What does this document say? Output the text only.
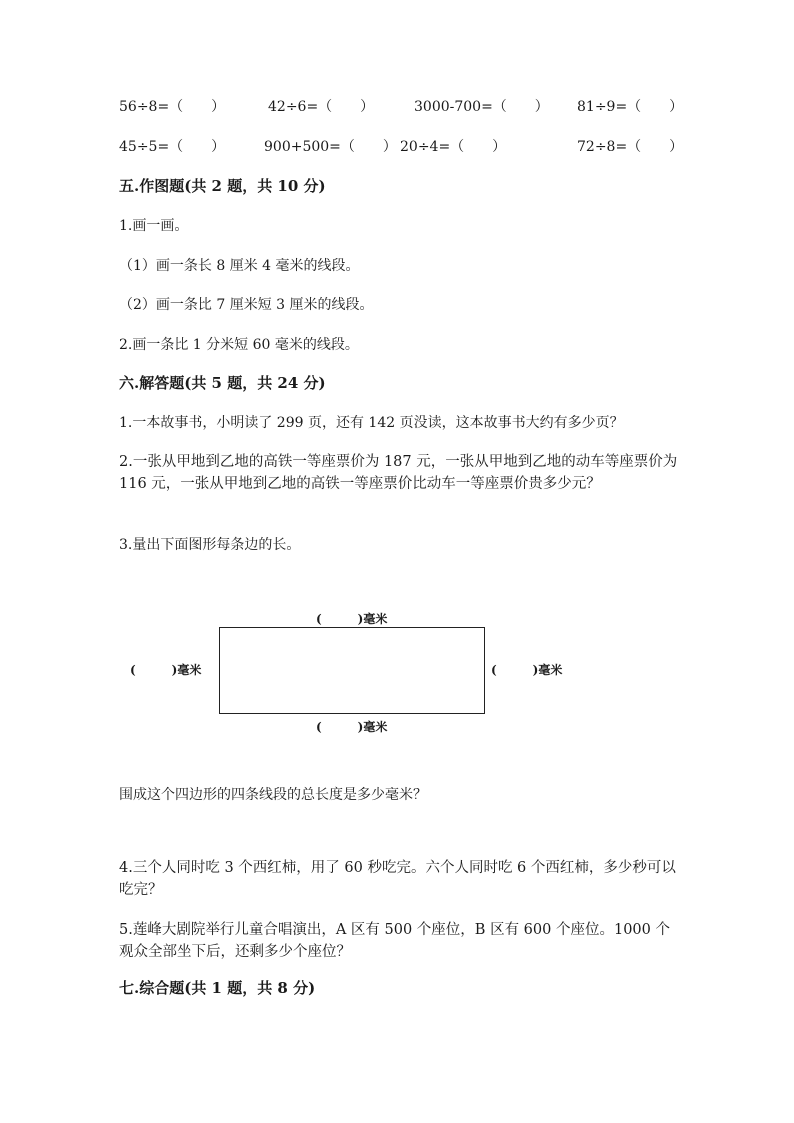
56÷8=（　　）	42÷6=（　　）	3000-700=（　　） 81÷9=（　　）
45÷5=（　　）	900+500=（　　） 20÷4=（　　）	72÷8=（　　）
五.作图题(共 2 题，共 10 分)
1.画一画。
（1）画一条长 8 厘米 4 毫米的线段。
（2）画一条比 7 厘米短 3 厘米的线段。
2.画一条比 1 分米短 60 毫米的线段。
六.解答题(共 5 题，共 24 分)
1.一本故事书，小明读了 299 页，还有 142 页没读，这本故事书大约有多少页？
2.一张从甲地到乙地的高铁一等座票价为 187 元，一张从甲地到乙地的动车等座票价为 116 元，一张从甲地到乙地的高铁一等座票价比动车一等座票价贵多少元？
3.量出下面图形每条边的长。
(　　　)毫米
(　　　)毫米	(　　　)毫米
(　　　)毫米
围成这个四边形的四条线段的总长度是多少毫米？
4.三个人同时吃 3 个西红柿，用了 60 秒吃完。六个人同时吃 6 个西红柿，多少秒可以吃完？
5.莲峰大剧院举行儿童合唱演出，A 区有 500 个座位，B 区有 600 个座位。1000 个观众全部坐下后，还剩多少个座位？
七.综合题(共 1 题，共 8 分)
